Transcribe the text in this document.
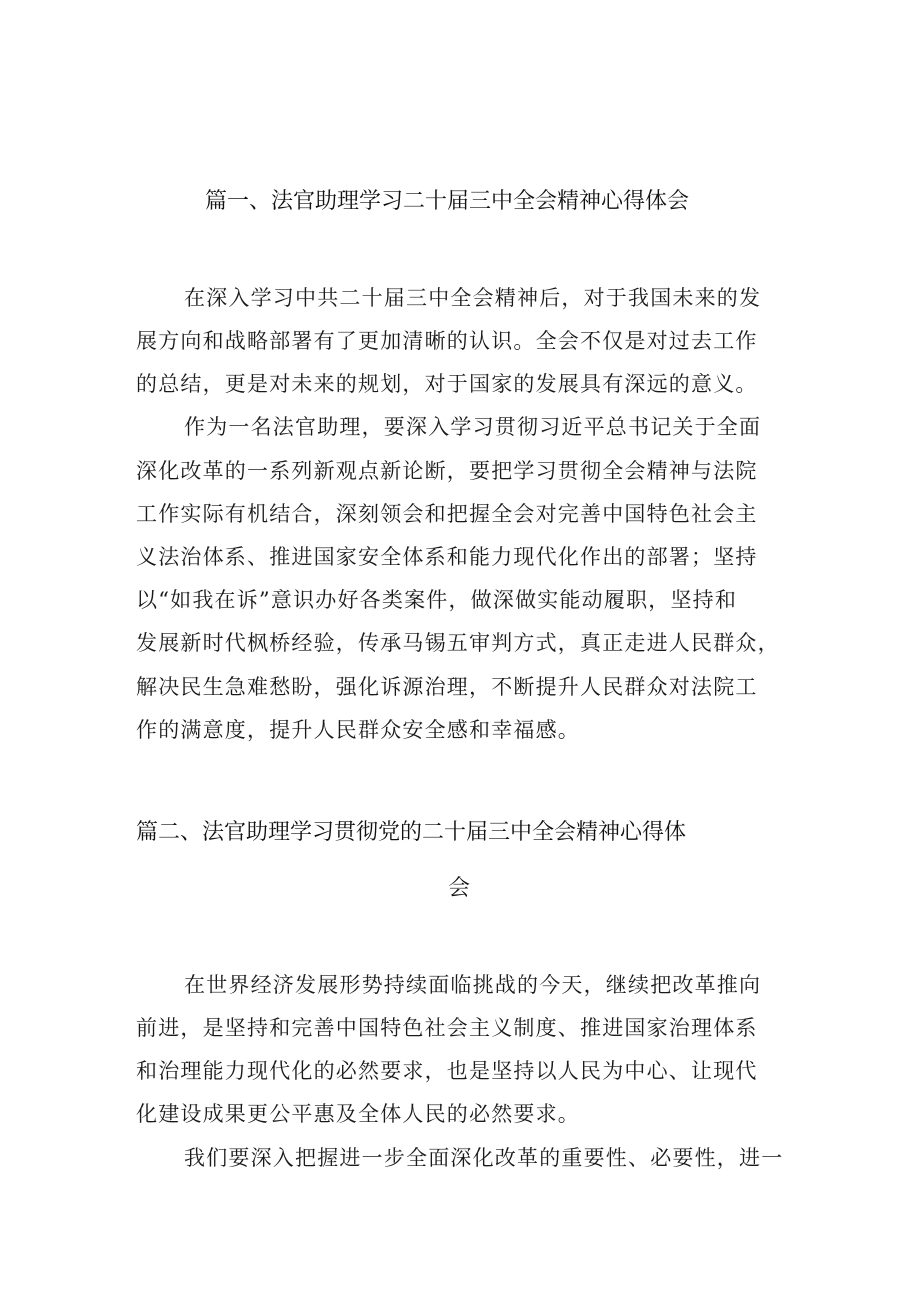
篇一、法官助理学习二十届三中全会精神心得体会
在深入学习中共二十届三中全会精神后，对于我国未来的发
展方向和战略部署有了更加清晰的认识。全会不仅是对过去工作
的总结，更是对未来的规划，对于国家的发展具有深远的意义。
作为一名法官助理，要深入学习贯彻习近平总书记关于全面
深化改革的一系列新观点新论断，要把学习贯彻全会精神与法院
工作实际有机结合，深刻领会和把握全会对完善中国特色社会主
义法治体系、推进国家安全体系和能力现代化作出的部署；坚持
以“如我在诉”意识办好各类案件，做深做实能动履职，坚持和
发展新时代枫桥经验，传承马锡五审判方式，真正走进人民群众，
解决民生急难愁盼，强化诉源治理，不断提升人民群众对法院工
作的满意度，提升人民群众安全感和幸福感。
篇二、法官助理学习贯彻党的二十届三中全会精神心得体
会
在世界经济发展形势持续面临挑战的今天，继续把改革推向
前进，是坚持和完善中国特色社会主义制度、推进国家治理体系
和治理能力现代化的必然要求，也是坚持以人民为中心、让现代
化建设成果更公平惠及全体人民的必然要求。
我们要深入把握进一步全面深化改革的重要性、必要性，进一
